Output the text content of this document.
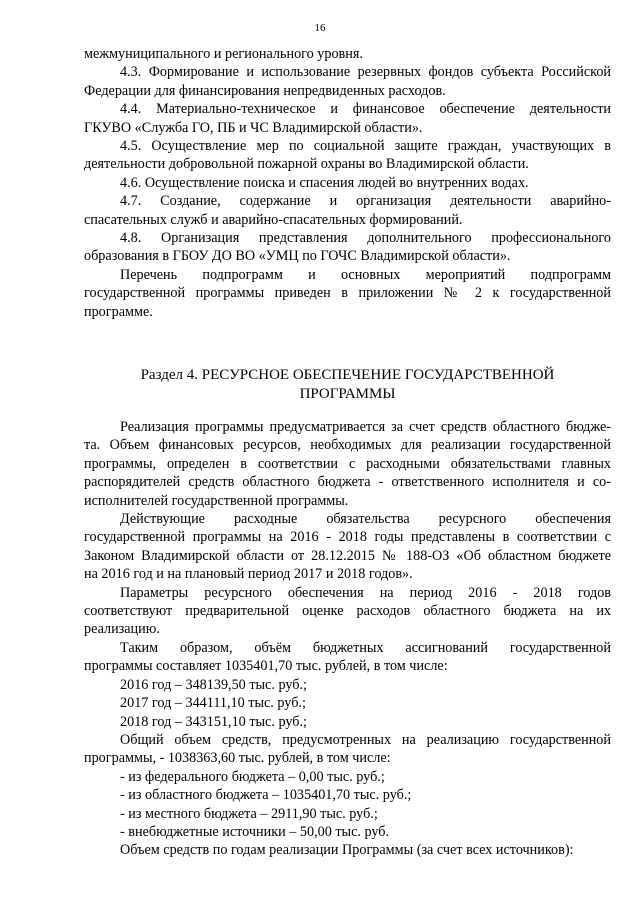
16
межмуниципального и регионального уровня.
4.3. Формирование и использование резервных фондов субъекта Российской
Федерации для финансирования непредвиденных расходов.
4.4. Материально-техническое и финансовое обеспечение деятельности
ГКУВО «Служба ГО, ПБ и ЧС Владимирской области».
4.5. Осуществление мер по социальной защите граждан, участвующих в
деятельности добровольной пожарной охраны во Владимирской области.
4.6. Осуществление поиска и спасения людей во внутренних водах.
4.7. Создание, содержание и организация деятельности аварийно-
спасательных служб и аварийно-спасательных формирований.
4.8. Организация представления дополнительного профессионального
образования в ГБОУ ДО ВО «УМЦ по ГОЧС Владимирской области».
Перечень подпрограмм и основных мероприятий подпрограмм
государственной программы приведен в приложении № 2 к государственной
программе.
Раздел 4. РЕСУРСНОЕ ОБЕСПЕЧЕНИЕ ГОСУДАРСТВЕННОЙ
ПРОГРАММЫ
Реализация программы предусматривается за счет средств областного бюдже-
та. Объем финансовых ресурсов, необходимых для реализации государственной
программы, определен в соответствии с расходными обязательствами главных
распорядителей средств областного бюджета - ответственного исполнителя и со-
исполнителей государственной программы.
Действующие расходные обязательства ресурсного обеспечения
государственной программы на 2016 - 2018 годы представлены в соответствии с
Законом Владимирской области от 28.12.2015 № 188-ОЗ «Об областном бюджете
на 2016 год и на плановый период 2017 и 2018 годов».
Параметры ресурсного обеспечения на период 2016 - 2018 годов
соответствуют предварительной оценке расходов областного бюджета на их
реализацию.
Таким образом, объём бюджетных ассигнований государственной
программы составляет 1035401,70 тыс. рублей, в том числе:
2016 год – 348139,50 тыс. руб.;
2017 год – 344111,10 тыс. руб.;
2018 год – 343151,10 тыс. руб.;
Общий объем средств, предусмотренных на реализацию государственной
программы, - 1038363,60 тыс. рублей, в том числе:
- из федерального бюджета – 0,00 тыс. руб.;
- из областного бюджета – 1035401,70 тыс. руб.;
- из местного бюджета – 2911,90 тыс. руб.;
- внебюджетные источники – 50,00 тыс. руб.
Объем средств по годам реализации Программы (за счет всех источников):
